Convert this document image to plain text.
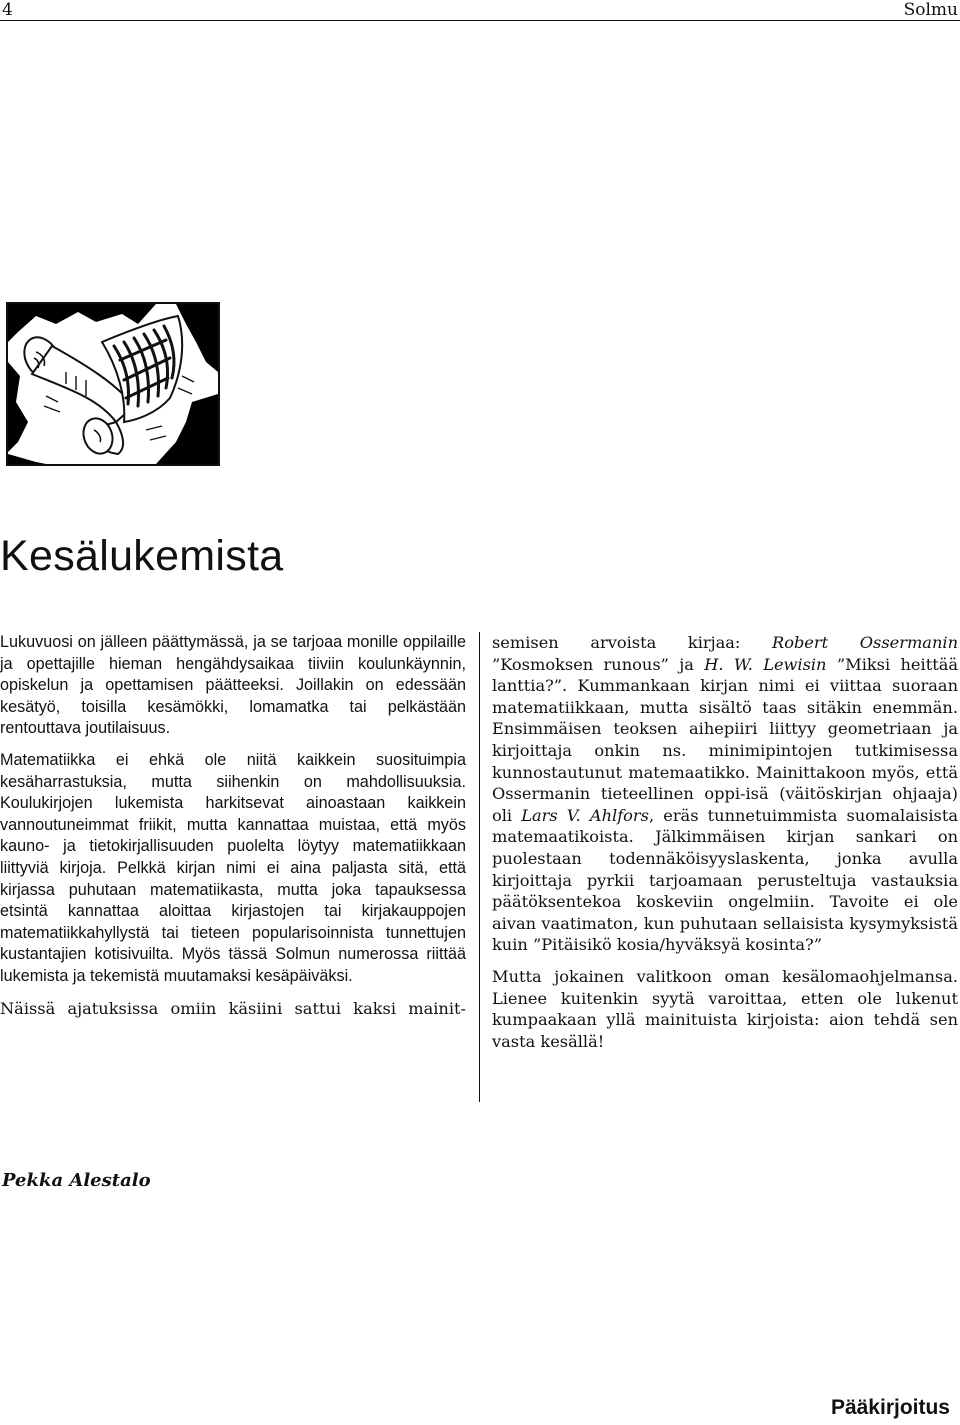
4	Solmu
Kesälukemista

Lukuvuosi on jälleen päättymässä, ja se tarjoaa monille oppilaille ja opettajille hieman hengähdysaikaa tiiviin koulunkäynnin, opiskelun ja opettamisen päätteeksi. Joillakin on edessään kesätyö, toisilla kesämökki, lomamatka tai pelkästään rentouttava joutilaisuus.

Matematiikka ei ehkä ole niitä kaikkein suosituimpia kesäharrastuksia, mutta siihenkin on mahdollisuuksia. Koulukirjojen lukemista harkitsevat ainoastaan kaikkein vannoutuneimmat friikit, mutta kannattaa muistaa, että myös kauno- ja tietokirjallisuuden puolelta löytyy matematiikkaan liittyviä kirjoja. Pelkkä kirjan nimi ei aina paljasta sitä, että kirjassa puhutaan matematiikasta, mutta joka tapauksessa etsintä kannattaa aloittaa kirjastojen tai kirjakauppojen matematiikkahyllystä tai tieteen popularisoinnista tunnettujen kustantajien kotisivuilta. Myös tässä Solmun numerossa riittää lukemista ja tekemistä muutamaksi kesäpäiväksi.

Näissä ajatuksissa omiin käsiini sattui kaksi mainit-

semisen arvoista kirjaa: Robert Ossermanin ”Kosmoksen runous” ja H. W. Lewisin ”Miksi heittää lanttia?”. Kummankaan kirjan nimi ei viittaa suoraan matematiikkaan, mutta sisältö taas sitäkin enemmän. Ensimmäisen teoksen aihepiiri liittyy geometriaan ja kirjoittaja onkin ns. minimipintojen tutkimisessa kunnostautunut matemaatikko. Mainittakoon myös, että Ossermanin tieteellinen oppi-isä (väitöskirjan ohjaaja) oli Lars V. Ahlfors, eräs tunnetuimmista suomalaisista matemaatikoista. Jälkimmäisen kirjan sankari on puolestaan todennäköisyyslaskenta, jonka avulla kirjoittaja pyrkii tarjoamaan perusteltuja vastauksia päätöksentekoa koskeviin ongelmiin. Tavoite ei ole aivan vaatimaton, kun puhutaan sellaisista kysymyksistä kuin ”Pitäisikö kosia/hyväksyä kosinta?”

Mutta jokainen valitkoon oman kesälomaohjelmansa. Lienee kuitenkin syytä varoittaa, etten ole lukenut kumpaakaan yllä mainituista kirjoista: aion tehdä sen vasta kesällä!

Pekka Alestalo
Pääkirjoitus
